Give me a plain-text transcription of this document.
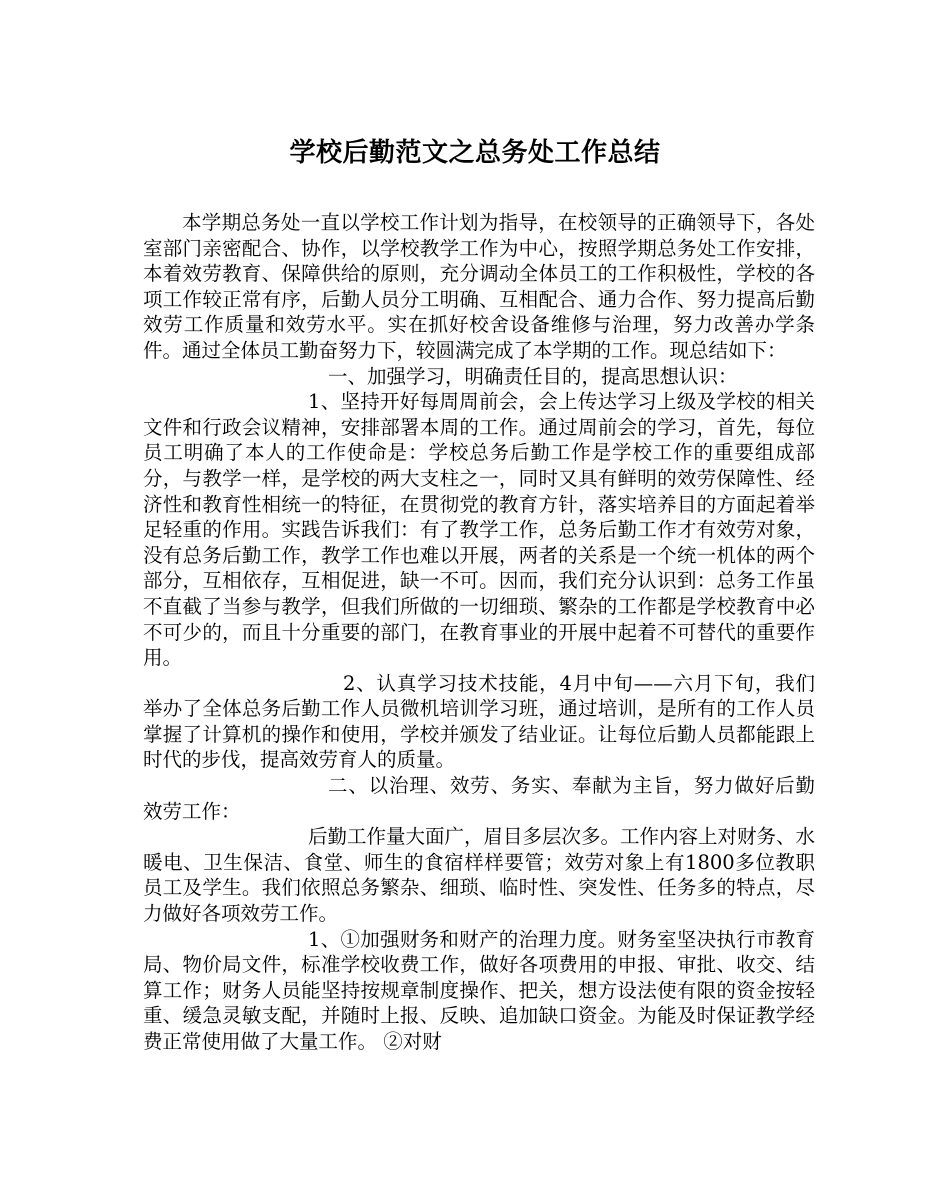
学校后勤范文之总务处工作总结

本学期总务处一直以学校工作计划为指导，在校领导的正确领导下，各处室部门亲密配合、协作，以学校教学工作为中心，按照学期总务处工作安排，本着效劳教育、保障供给的原则，充分调动全体员工的工作积极性，学校的各项工作较正常有序，后勤人员分工明确、互相配合、通力合作、努力提高后勤效劳工作质量和效劳水平。实在抓好校舍设备维修与治理，努力改善办学条件。通过全体员工勤奋努力下，较圆满完成了本学期的工作。现总结如下：

一、加强学习，明确责任目的，提高思想认识：

1、坚持开好每周周前会，会上传达学习上级及学校的相关文件和行政会议精神，安排部署本周的工作。通过周前会的学习，首先，每位员工明确了本人的工作使命是：学校总务后勤工作是学校工作的重要组成部分，与教学一样，是学校的两大支柱之一，同时又具有鲜明的效劳保障性、经济性和教育性相统一的特征，在贯彻党的教育方针，落实培养目的方面起着举足轻重的作用。实践告诉我们：有了教学工作，总务后勤工作才有效劳对象，没有总务后勤工作，教学工作也难以开展，两者的关系是一个统一机体的两个部分，互相依存，互相促进，缺一不可。因而，我们充分认识到：总务工作虽不直截了当参与教学，但我们所做的一切细琐、繁杂的工作都是学校教育中必不可少的，而且十分重要的部门，在教育事业的开展中起着不可替代的重要作用。

2、认真学习技术技能，4月中旬——六月下旬，我们举办了全体总务后勤工作人员微机培训学习班，通过培训，是所有的工作人员掌握了计算机的操作和使用，学校并颁发了结业证。让每位后勤人员都能跟上时代的步伐，提高效劳育人的质量。

二、以治理、效劳、务实、奉献为主旨，努力做好后勤效劳工作：

后勤工作量大面广，眉目多层次多。工作内容上对财务、水暖电、卫生保洁、食堂、师生的食宿样样要管；效劳对象上有1800多位教职员工及学生。我们依照总务繁杂、细琐、临时性、突发性、任务多的特点，尽力做好各项效劳工作。

1、①加强财务和财产的治理力度。财务室坚决执行市教育局、物价局文件，标准学校收费工作，做好各项费用的申报、审批、收交、结算工作；财务人员能坚持按规章制度操作、把关，想方设法使有限的资金按轻重、缓急灵敏支配，并随时上报、反映、追加缺口资金。为能及时保证教学经费正常使用做了大量工作。 ②对财
